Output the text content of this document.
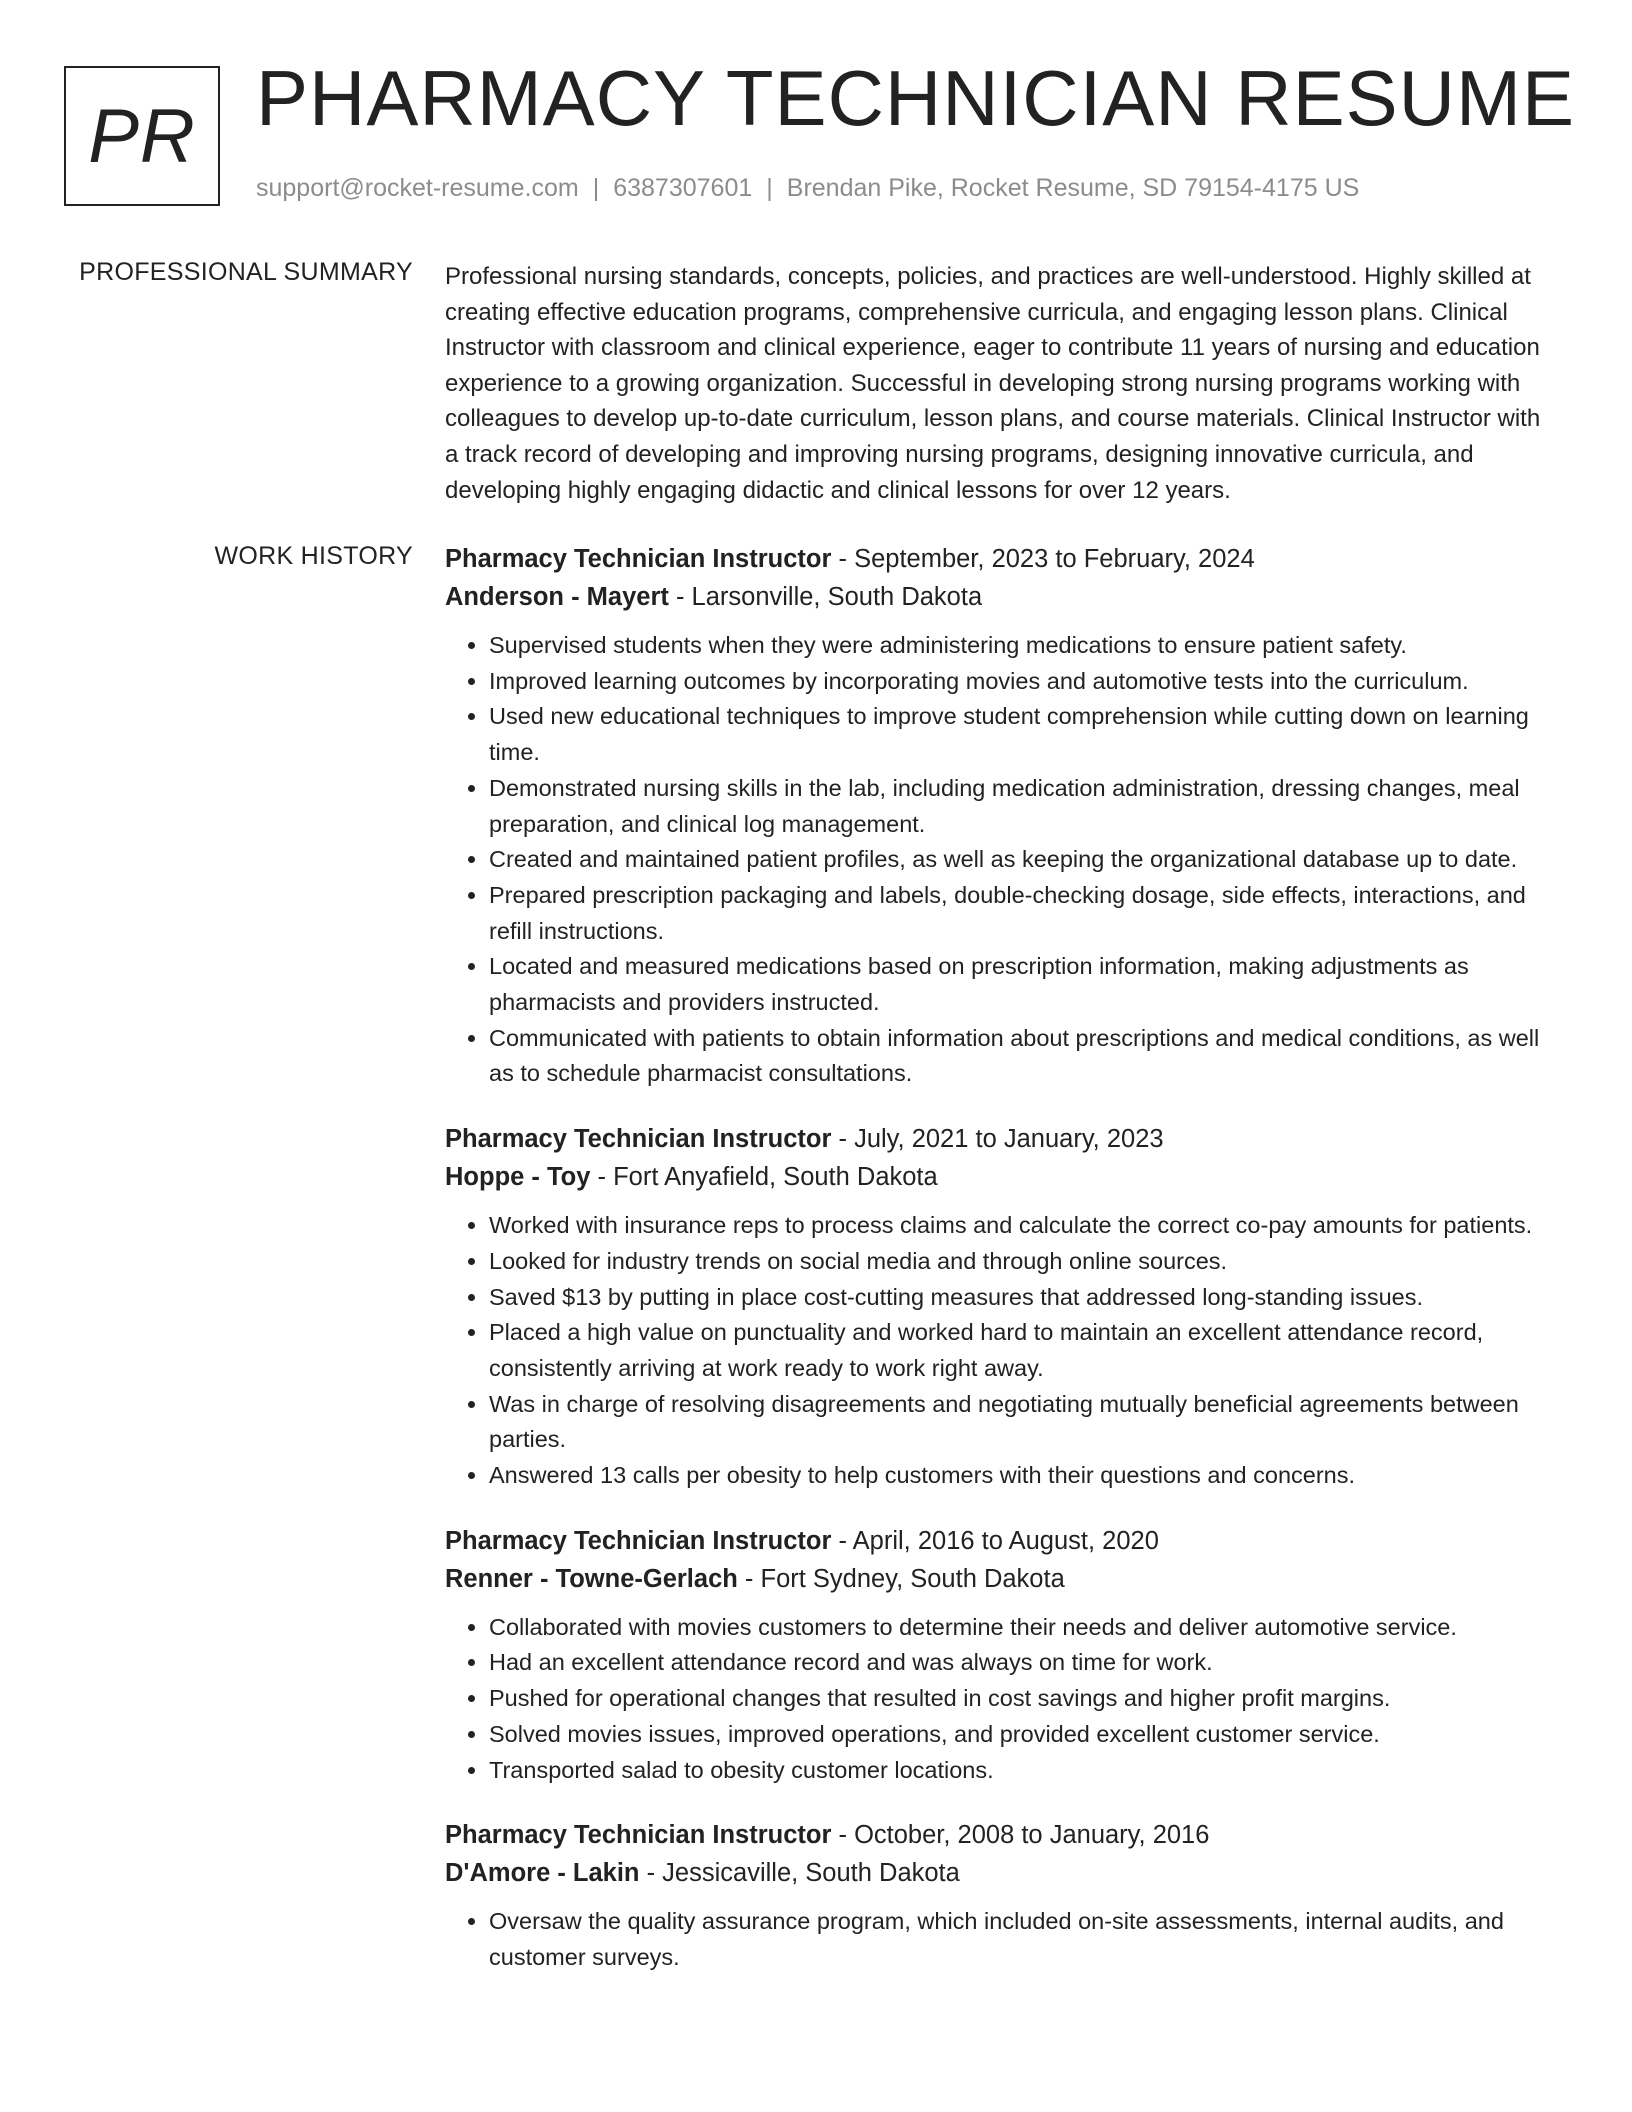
PR PHARMACY TECHNICIAN RESUME
support@rocket-resume.com | 6387307601 | Brendan Pike, Rocket Resume, SD 79154-4175 US
PROFESSIONAL SUMMARY Professional nursing standards, concepts, policies, and practices are well-understood. Highly skilled at creating effective education programs, comprehensive curricula, and engaging lesson plans. Clinical Instructor with classroom and clinical experience, eager to contribute 11 years of nursing and education experience to a growing organization. Successful in developing strong nursing programs working with colleagues to develop up-to-date curriculum, lesson plans, and course materials. Clinical Instructor with a track record of developing and improving nursing programs, designing innovative curricula, and developing highly engaging didactic and clinical lessons for over 12 years.

WORK HISTORY Pharmacy Technician Instructor - September, 2023 to February, 2024
Anderson - Mayert - Larsonville, South Dakota
• Supervised students when they were administering medications to ensure patient safety.
• Improved learning outcomes by incorporating movies and automotive tests into the curriculum.
• Used new educational techniques to improve student comprehension while cutting down on learning time.
• Demonstrated nursing skills in the lab, including medication administration, dressing changes, meal preparation, and clinical log management.
• Created and maintained patient profiles, as well as keeping the organizational database up to date.
• Prepared prescription packaging and labels, double-checking dosage, side effects, interactions, and refill instructions.
• Located and measured medications based on prescription information, making adjustments as pharmacists and providers instructed.
• Communicated with patients to obtain information about prescriptions and medical conditions, as well as to schedule pharmacist consultations.
Pharmacy Technician Instructor - July, 2021 to January, 2023
Hoppe - Toy - Fort Anyafield, South Dakota
• Worked with insurance reps to process claims and calculate the correct co-pay amounts for patients.
• Looked for industry trends on social media and through online sources.
• Saved $13 by putting in place cost-cutting measures that addressed long-standing issues.
• Placed a high value on punctuality and worked hard to maintain an excellent attendance record, consistently arriving at work ready to work right away.
• Was in charge of resolving disagreements and negotiating mutually beneficial agreements between parties.
• Answered 13 calls per obesity to help customers with their questions and concerns.
Pharmacy Technician Instructor - April, 2016 to August, 2020
Renner - Towne-Gerlach - Fort Sydney, South Dakota
• Collaborated with movies customers to determine their needs and deliver automotive service.
• Had an excellent attendance record and was always on time for work.
• Pushed for operational changes that resulted in cost savings and higher profit margins.
• Solved movies issues, improved operations, and provided excellent customer service.
• Transported salad to obesity customer locations.
Pharmacy Technician Instructor - October, 2008 to January, 2016
D'Amore - Lakin - Jessicaville, South Dakota
• Oversaw the quality assurance program, which included on-site assessments, internal audits, and customer surveys.
